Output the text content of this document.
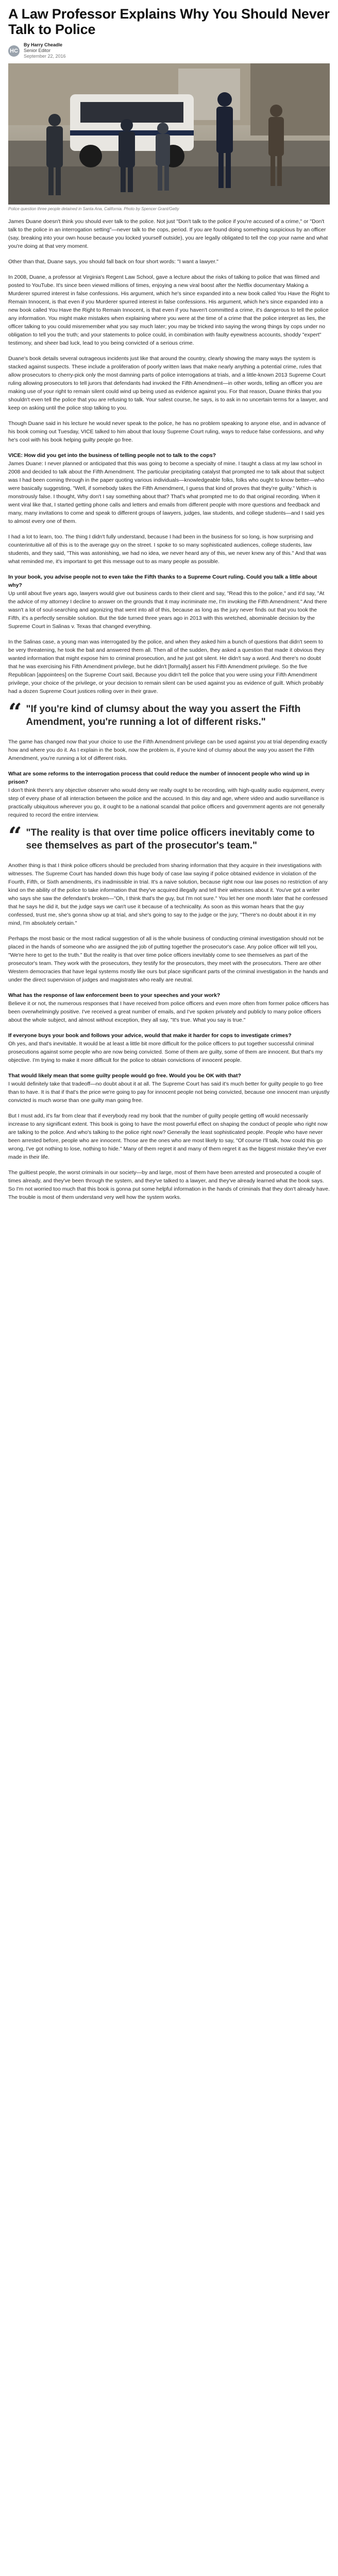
A Law Professor Explains Why You Should Never Talk to Police
HC
By Harry Cheadle
Senior Editor
September 22, 2016
Police question three people detained in Santa Ana, California. Photo by Spencer Grant/Getty

James Duane doesn't think you should ever talk to the police. Not just "Don't talk to the police if you're accused of a crime," or "Don't talk to the police in an interrogation setting"—never talk to the cops, period. If you are found doing something suspicious by an officer (say, breaking into your own house because you locked yourself outside), you are legally obligated to tell the cop your name and what you're doing at that very moment.

Other than that, Duane says, you should fall back on four short words: "I want a lawyer."

In 2008, Duane, a professor at Virginia's Regent Law School, gave a lecture about the risks of talking to police that was filmed and posted to YouTube. It's since been viewed millions of times, enjoying a new viral boost after the Netflix documentary Making a Murderer spurred interest in false confessions. His argument, which he's since expanded into a new book called You Have the Right to Remain Innocent, is that even if you Murderer spurred interest in false confessions. His argument, which he's since expanded into a new book called You Have the Right to Remain Innocent, is that even if you haven't committed a crime, it's dangerous to tell the police any information. You might make mistakes when explaining where you were at the time of a crime that the police interpret as lies, the officer talking to you could misremember what you say much later; you may be tricked into saying the wrong things by cops under no obligation to tell you the truth; and your statements to police could, in combination with faulty eyewitness accounts, shoddy "expert" testimony, and sheer bad luck, lead to you being convicted of a serious crime.

Duane's book details several outrageous incidents just like that around the country, clearly showing the many ways the system is stacked against suspects. These include a proliferation of poorly written laws that make nearly anything a potential crime, rules that allow prosecutors to cherry-pick only the most damning parts of police interrogations at trials, and a little-known 2013 Supreme Court ruling allowing prosecutors to tell jurors that defendants had invoked the Fifth Amendment—in other words, telling an officer you are making use of your right to remain silent could wind up being used as evidence against you. For that reason, Duane thinks that you shouldn't even tell the police that you are refusing to talk. Your safest course, he says, is to ask in no uncertain terms for a lawyer, and keep on asking until the police stop talking to you.

Though Duane said in his lecture he would never speak to the police, he has no problem speaking to anyone else, and in advance of his book coming out Tuesday, VICE talked to him about that lousy Supreme Court ruling, ways to reduce false confessions, and why he's cool with his book helping guilty people go free.

VICE: How did you get into the business of telling people not to talk to the cops?
James Duane: I never planned or anticipated that this was going to become a specialty of mine. I taught a class at my law school in 2008 and decided to talk about the Fifth Amendment. The particular precipitating catalyst that prompted me to talk about that subject was I had been coming through in the paper quoting various individuals—knowledgeable folks, folks who ought to know better—who were basically suggesting, "Well, if somebody takes the Fifth Amendment, I guess that kind of proves that they're guilty." Which is monstrously false. I thought, Why don't I say something about that? That's what prompted me to do that original recording. When it went viral like that, I started getting phone calls and letters and emails from different people with more questions and feedback and many, many invitations to come and speak to different groups of lawyers, judges, law students, and college students—and I said yes to almost every one of them.

I had a lot to learn, too. The thing I didn't fully understand, because I had been in the business for so long, is how surprising and counterintuitive all of this is to the average guy on the street. I spoke to so many sophisticated audiences, college students, law students, and they said, "This was astonishing, we had no idea, we never heard any of this, we never knew any of this." And that was what reminded me, it's important to get this message out to as many people as possible.

In your book, you advise people not to even take the Fifth thanks to a Supreme Court ruling. Could you talk a little about why?
Up until about five years ago, lawyers would give out business cards to their client and say, "Read this to the police," and it'd say, "At the advice of my attorney I decline to answer on the grounds that it may incriminate me, I'm invoking the Fifth Amendment." And there wasn't a lot of soul-searching and agonizing that went into all of this, because as long as the jury never finds out that you took the Fifth, it's a perfectly sensible solution. But the tide turned three years ago in 2013 with this wretched, abominable decision by the Supreme Court in Salinas v. Texas that changed everything.

In the Salinas case, a young man was interrogated by the police, and when they asked him a bunch of questions that didn't seem to be very threatening, he took the bait and answered them all. Then all of the sudden, they asked a question that made it obvious they wanted information that might expose him to criminal prosecution, and he just got silent. He didn't say a word. And there's no doubt that he was exercising his Fifth Amendment privilege, but he didn't [formally] assert his Fifth Amendment privilege. So the five Republican [appointees] on the Supreme Court said, Because you didn't tell the police that you were using your Fifth Amendment privilege, your choice of the privilege, or your decision to remain silent can be used against you as evidence of guilt. Which probably had a dozen Supreme Court justices rolling over in their grave.

“ "If you're kind of clumsy about the way you assert the Fifth Amendment, you're running a lot of different risks."

The game has changed now that your choice to use the Fifth Amendment privilege can be used against you at trial depending exactly how and where you do it. As I explain in the book, now the problem is, if you're kind of clumsy about the way you assert the Fifth Amendment, you're running a lot of different risks.

What are some reforms to the interrogation process that could reduce the number of innocent people who wind up in prison?
I don't think there's any objective observer who would deny we really ought to be recording, with high-quality audio equipment, every step of every phase of all interaction between the police and the accused. In this day and age, where video and audio surveillance is practically ubiquitous wherever you go, it ought to be a national scandal that police officers and government agents are not generally required to record the entire interview.

“ "The reality is that over time police officers inevitably come to see themselves as part of the prosecutor's team."

Another thing is that I think police officers should be precluded from sharing information that they acquire in their investigations with witnesses. The Supreme Court has handed down this huge body of case law saying if police obtained evidence in violation of the Fourth, Fifth, or Sixth amendments, it's inadmissible in trial. It's a naive solution, because right now our law poses no restriction of any kind on the ability of the police to take information that they've acquired illegally and tell their witnesses about it. You've got a writer who says she saw the defendant's broken—"Oh, I think that's the guy, but I'm not sure." You let her one month later that he confessed that he says he did it, but the judge says we can't use it because of a technicality. As soon as this woman hears that the guy confessed, trust me, she's gonna show up at trial, and she's going to say to the judge or the jury, "There's no doubt about it in my mind, I'm absolutely certain."

Perhaps the most basic or the most radical suggestion of all is the whole business of conducting criminal investigation should not be placed in the hands of someone who are assigned the job of putting together the prosecutor's case. Any police officer will tell you, "We're here to get to the truth." But the reality is that over time police officers inevitably come to see themselves as part of the prosecutor's team. They work with the prosecutors, they testify for the prosecutors, they meet with the prosecutors. There are other Western democracies that have legal systems mostly like ours but place significant parts of the criminal investigation in the hands and under the direct supervision of judges and magistrates who really are neutral.

What has the response of law enforcement been to your speeches and your work?
Believe it or not, the numerous responses that I have received from police officers and even more often from former police officers has been overwhelmingly positive. I've received a great number of emails, and I've spoken privately and publicly to many police officers about the whole subject, and almost without exception, they all say, "It's true. What you say is true."

If everyone buys your book and follows your advice, would that make it harder for cops to investigate crimes?
Oh yes, and that's inevitable. It would be at least a little bit more difficult for the police officers to put together successful criminal prosecutions against some people who are now being convicted. Some of them are guilty, some of them are innocent. But that's my objective. I'm trying to make it more difficult for the police to obtain convictions of innocent people.

That would likely mean that some guilty people would go free. Would you be OK with that?
I would definitely take that tradeoff—no doubt about it at all. The Supreme Court has said it's much better for guilty people to go free than to have. It is that if that's the price we're going to pay for innocent people not being convicted, because one innocent man unjustly convicted is much worse than one guilty man going free.

But I must add, it's far from clear that if everybody read my book that the number of guilty people getting off would necessarily increase to any significant extent. This book is going to have the most powerful effect on shaping the conduct of people who right now are talking to the police. And who's talking to the police right now? Generally the least sophisticated people. People who have never been arrested before, people who are innocent. Those are the ones who are most likely to say, "Of course I'll talk, how could this go wrong, I've got nothing to lose, nothing to hide." Many of them regret it and many of them regret it as the biggest mistake they've ever made in their life.

The guiltiest people, the worst criminals in our society—by and large, most of them have been arrested and prosecuted a couple of times already, and they've been through the system, and they've talked to a lawyer, and they've already learned what the book says. So I'm not worried too much that this book is gonna put some helpful information in the hands of criminals that they don't already have. The trouble is most of them understand very well how the system works.
